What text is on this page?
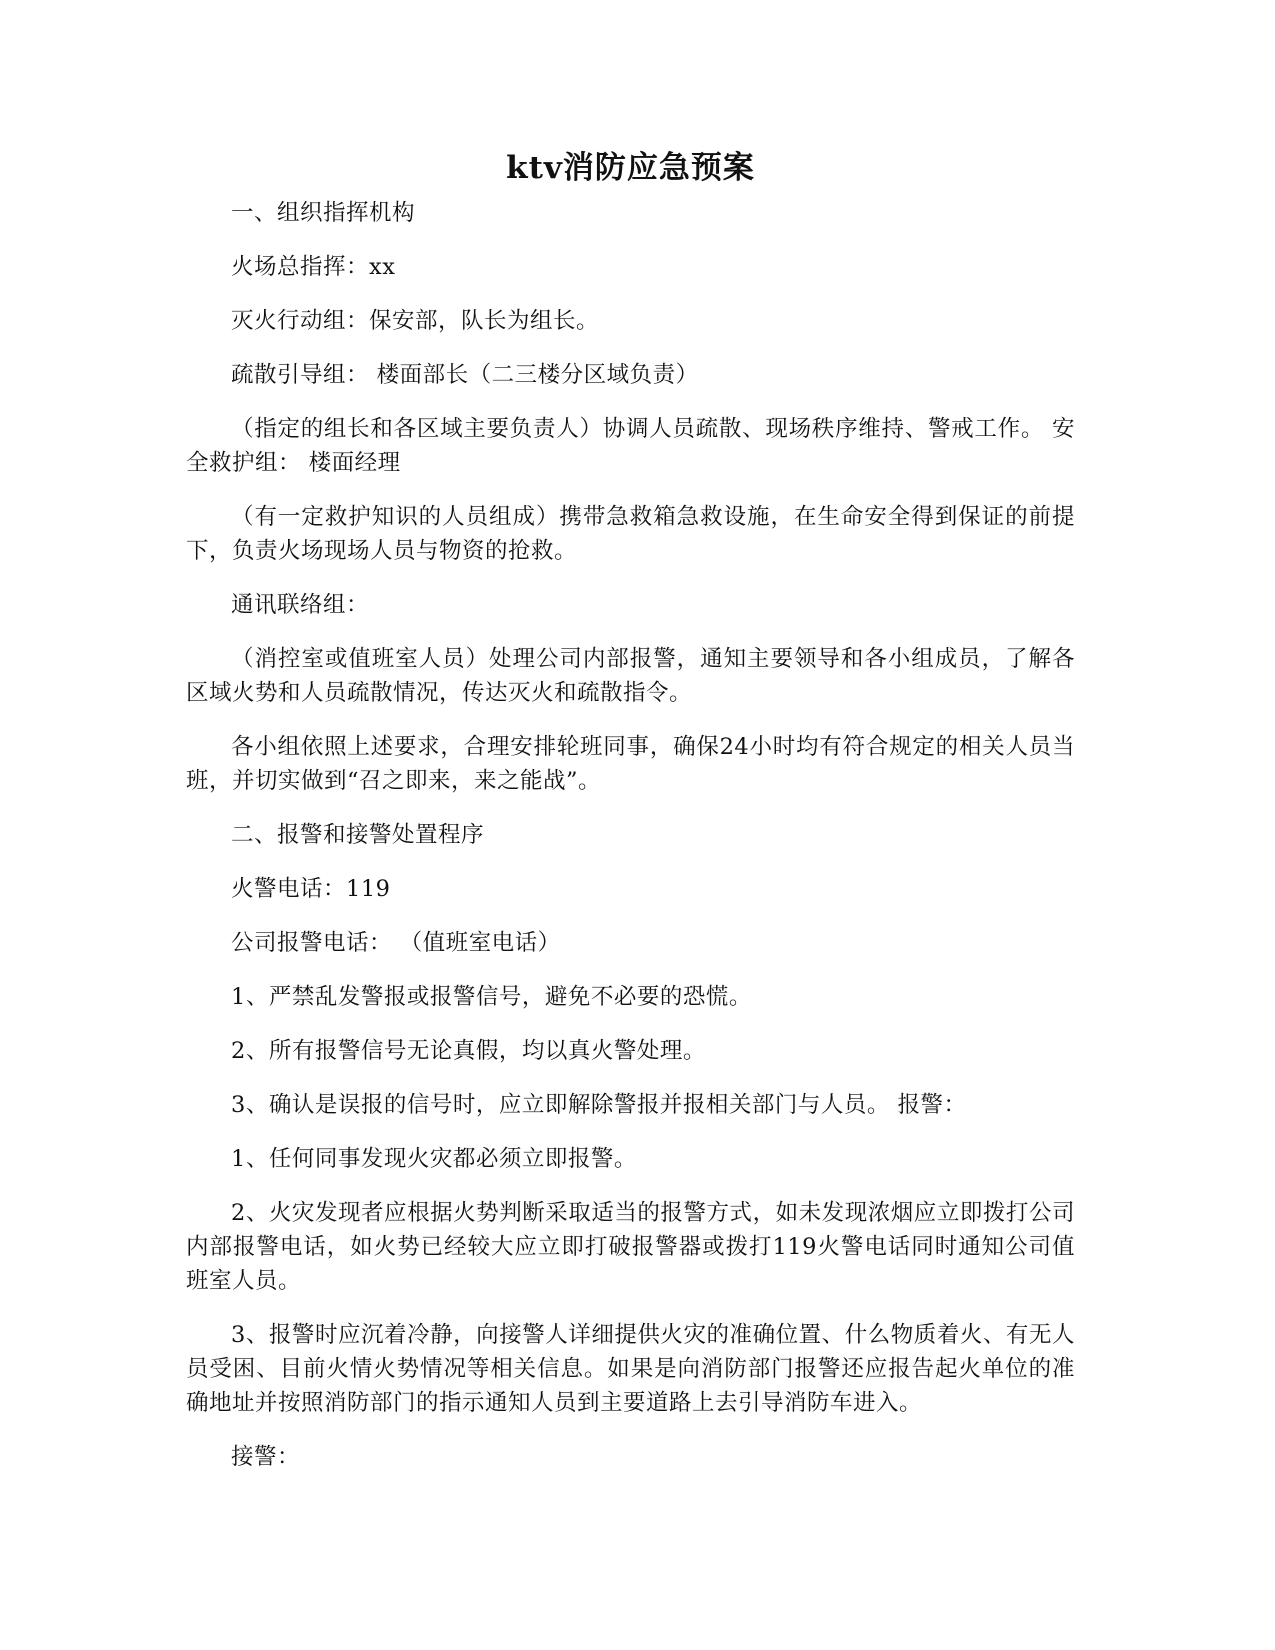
ktv消防应急预案

一、组织指挥机构

火场总指挥：xx

灭火行动组：保安部，队长为组长。

疏散引导组： 楼面部长（二三楼分区域负责）

（指定的组长和各区域主要负责人）协调人员疏散、现场秩序维持、警戒工作。 安全救护组： 楼面经理

（有一定救护知识的人员组成）携带急救箱急救设施，在生命安全得到保证的前提下，负责火场现场人员与物资的抢救。

通讯联络组：

（消控室或值班室人员）处理公司内部报警，通知主要领导和各小组成员，了解各区域火势和人员疏散情况，传达灭火和疏散指令。

各小组依照上述要求，合理安排轮班同事，确保24小时均有符合规定的相关人员当班，并切实做到“召之即来，来之能战”。

二、报警和接警处置程序

火警电话：119

公司报警电话： （值班室电话）

1、严禁乱发警报或报警信号，避免不必要的恐慌。

2、所有报警信号无论真假，均以真火警处理。

3、确认是误报的信号时，应立即解除警报并报相关部门与人员。 报警：

1、任何同事发现火灾都必须立即报警。

2、火灾发现者应根据火势判断采取适当的报警方式，如未发现浓烟应立即拨打公司内部报警电话，如火势已经较大应立即打破报警器或拨打119火警电话同时通知公司值班室人员。

3、报警时应沉着冷静，向接警人详细提供火灾的准确位置、什么物质着火、有无人员受困、目前火情火势情况等相关信息。如果是向消防部门报警还应报告起火单位的准确地址并按照消防部门的指示通知人员到主要道路上去引导消防车进入。

接警：
